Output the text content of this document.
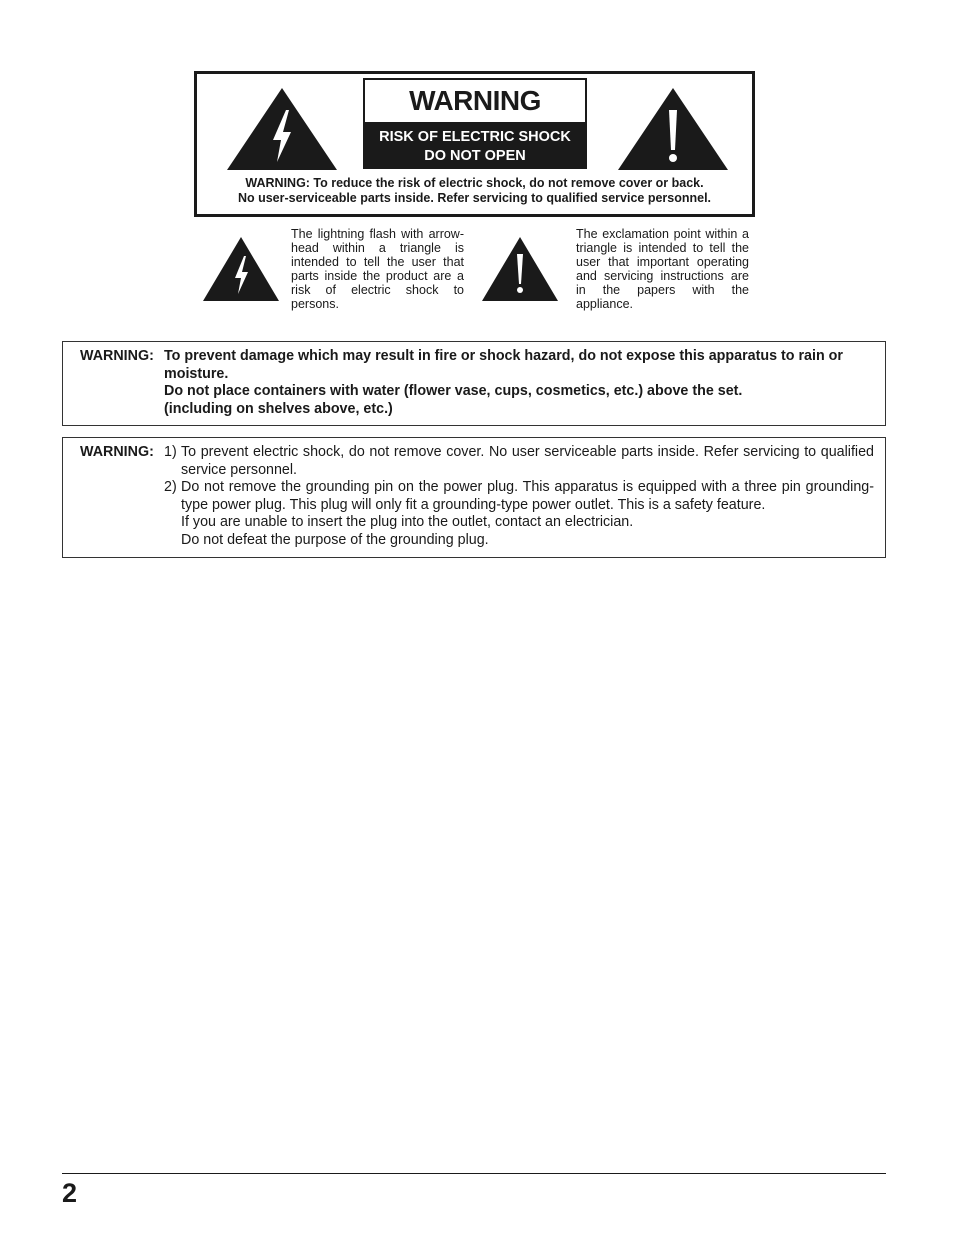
WARNING
RISK OF ELECTRIC SHOCK
DO NOT OPEN
WARNING: To reduce the risk of electric shock, do not remove cover or back.
No user-serviceable parts inside. Refer servicing to qualified service personnel.
The lightning flash with arrow-head within a triangle is intended to tell the user that parts inside the product are a risk of electric shock to persons.
The exclamation point within a triangle is intended to tell the user that important operating and servicing instructions are in the papers with the appliance.
WARNING: To prevent damage which may result in fire or shock hazard, do not expose this apparatus to rain or moisture.
Do not place containers with water (flower vase, cups, cosmetics, etc.) above the set.
(including on shelves above, etc.)
WARNING: 1) To prevent electric shock, do not remove cover. No user serviceable parts inside. Refer servicing to qualified service personnel.
2) Do not remove the grounding pin on the power plug. This apparatus is equipped with a three pin grounding-type power plug. This plug will only fit a grounding-type power outlet. This is a safety feature.
If you are unable to insert the plug into the outlet, contact an electrician.
Do not defeat the purpose of the grounding plug.
2
